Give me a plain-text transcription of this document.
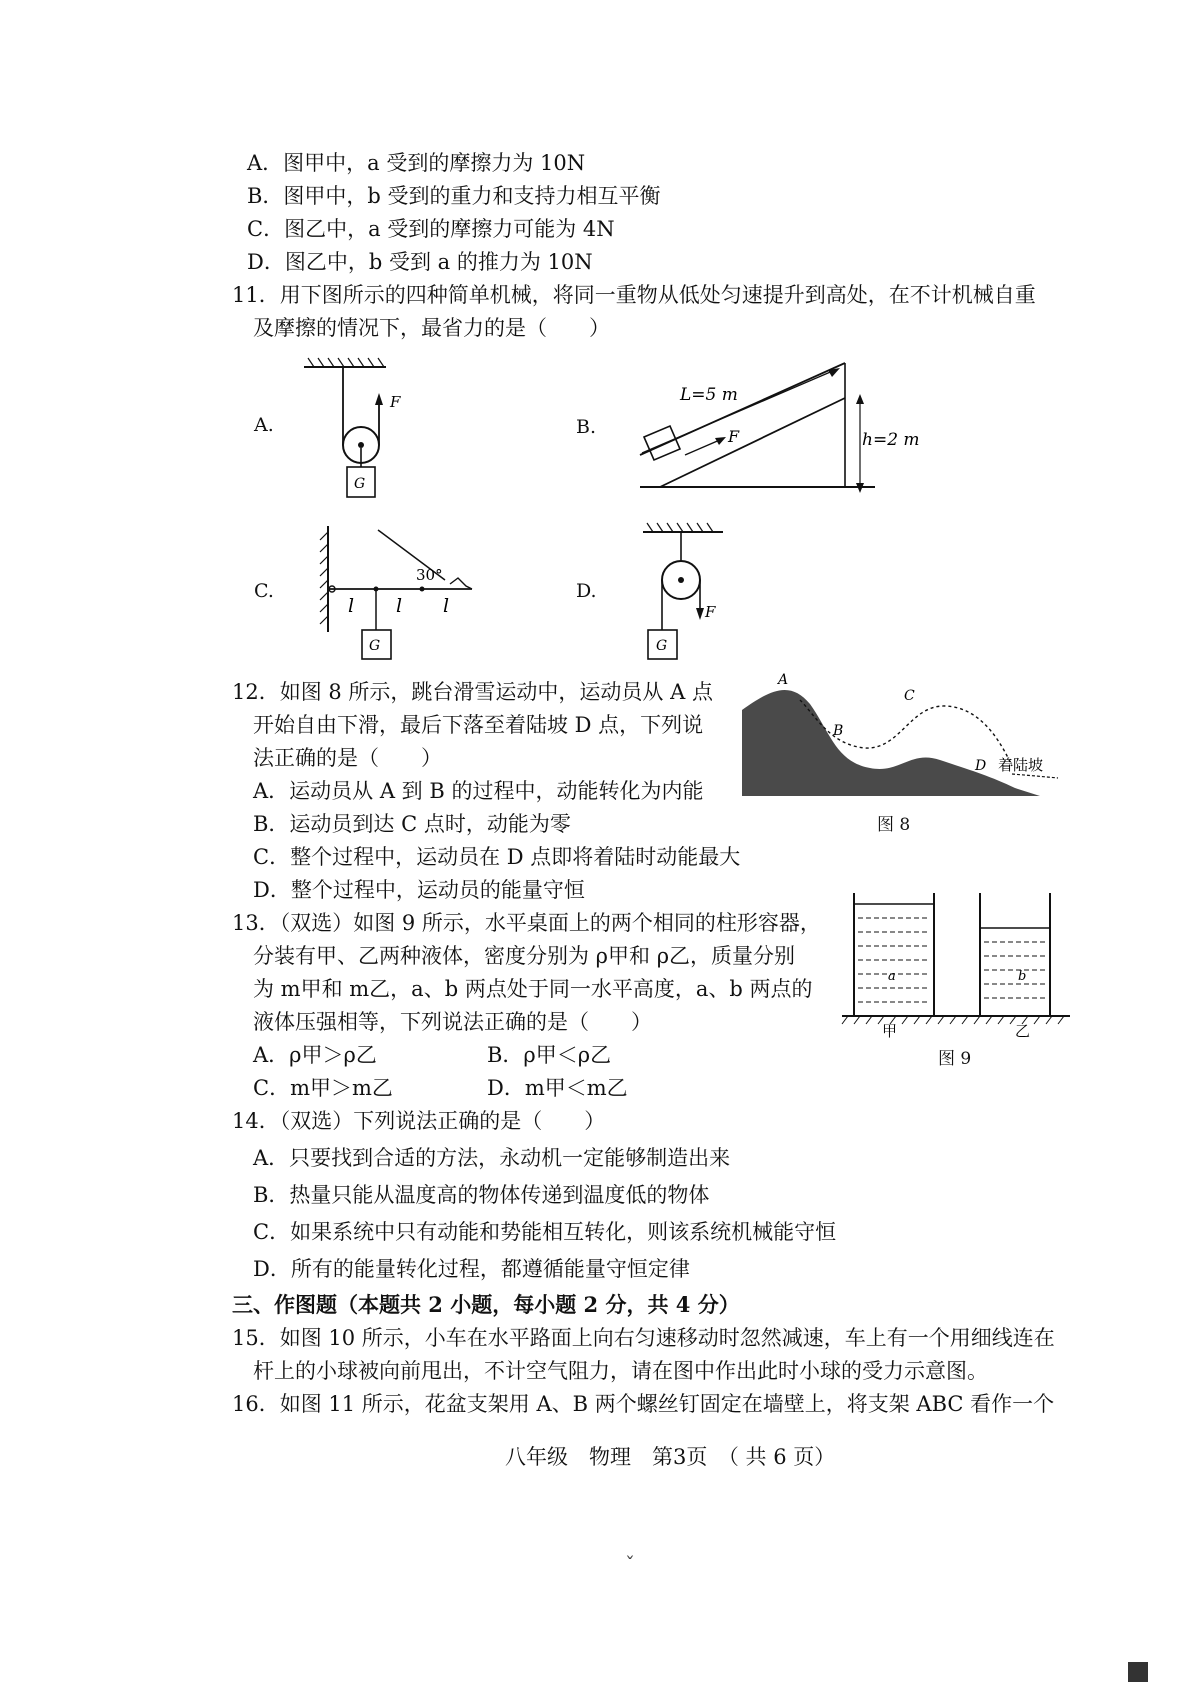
A．图甲中，a 受到的摩擦力为 10N
B．图甲中，b 受到的重力和支持力相互平衡
C．图乙中，a 受到的摩擦力可能为 4N
D．图乙中，b 受到 a 的推力为 10N
11．用下图所示的四种简单机械，将同一重物从低处匀速提升到高处，在不计机械自重
及摩擦的情况下，最省力的是（　　）
A.	B.
C.	D.
F
G
L=5 m
F	h=2 m
30°
l l l
G
F
G
12．如图 8 所示，跳台滑雪运动中，运动员从 A 点
开始自由下滑，最后下落至着陆坡 D 点，下列说
法正确的是（　　）
A．运动员从 A 到 B 的过程中，动能转化为内能
B．运动员到达 C 点时，动能为零
C．整个过程中，运动员在 D 点即将着陆时动能最大
D．整个过程中，运动员的能量守恒
A
B
C
D 着陆坡
图 8
13．（双选）如图 9 所示，水平桌面上的两个相同的柱形容器，
分装有甲、乙两种液体，密度分别为 ρ甲和 ρ乙，质量分别
为 m甲和 m乙，a、b 两点处于同一水平高度，a、b 两点的
液体压强相等，下列说法正确的是（　　）
A．ρ甲＞ρ乙	B．ρ甲＜ρ乙
C．m甲＞m乙	D．m甲＜m乙
a	b
甲	乙
图 9
14．（双选）下列说法正确的是（　　）
A．只要找到合适的方法，永动机一定能够制造出来
B．热量只能从温度高的物体传递到温度低的物体
C．如果系统中只有动能和势能相互转化，则该系统机械能守恒
D．所有的能量转化过程，都遵循能量守恒定律
三、作图题（本题共 2 小题，每小题 2 分，共 4 分）
15．如图 10 所示，小车在水平路面上向右匀速移动时忽然减速，车上有一个用细线连在
杆上的小球被向前甩出，不计空气阻力，请在图中作出此时小球的受力示意图。
16．如图 11 所示，花盆支架用 A、B 两个螺丝钉固定在墙壁上，将支架 ABC 看作一个
八年级　物理　第3页　（ 共 6 页）
ˇ
